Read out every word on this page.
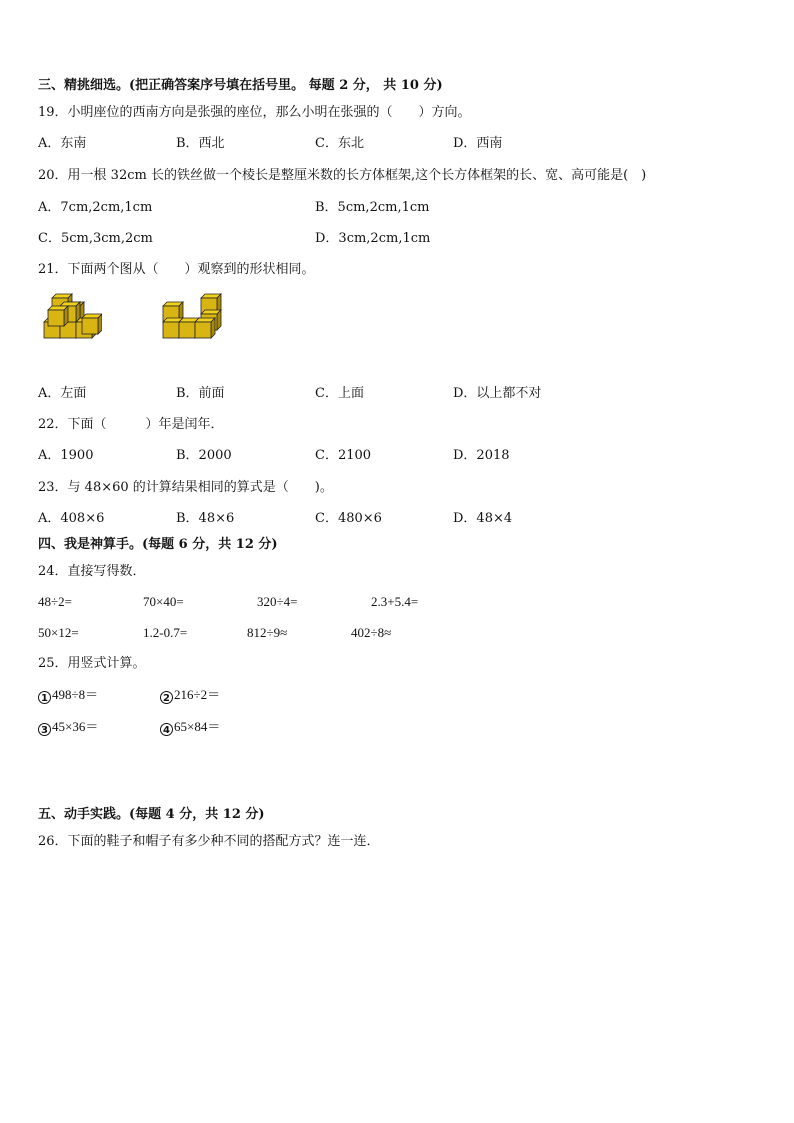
三、精挑细选。(把正确答案序号填在括号里。 每题 2 分， 共 10 分)
19．小明座位的西南方向是张强的座位，那么小明在张强的（　　）方向。
A．东南	B．西北	C．东北	D．西南
20．用一根 32cm 长的铁丝做一个棱长是整厘米数的长方体框架,这个长方体框架的长、宽、高可能是(　)
A．7cm,2cm,1cm	B．5cm,2cm,1cm
C．5cm,3cm,2cm	D．3cm,2cm,1cm
21．下面两个图从（　　）观察到的形状相同。
A．左面	B．前面	C．上面	D．以上都不对
22．下面（　　　）年是闰年．
A．1900	B．2000	C．2100	D．2018
23．与 48×60 的计算结果相同的算式是（　　)。
A．408×6	B．48×6	C．480×6	D．48×4
四、我是神算手。(每题 6 分，共 12 分)
24．直接写得数．
48÷2=	70×40=	320÷4=	2.3+5.4=
50×12=	1.2-0.7=	812÷9≈	402÷8≈
25．用竖式计算。
1 498÷8＝	2 216÷2＝
3 45×36＝	4 65×84＝
五、动手实践。(每题 4 分，共 12 分)
26．下面的鞋子和帽子有多少种不同的搭配方式？连一连．
